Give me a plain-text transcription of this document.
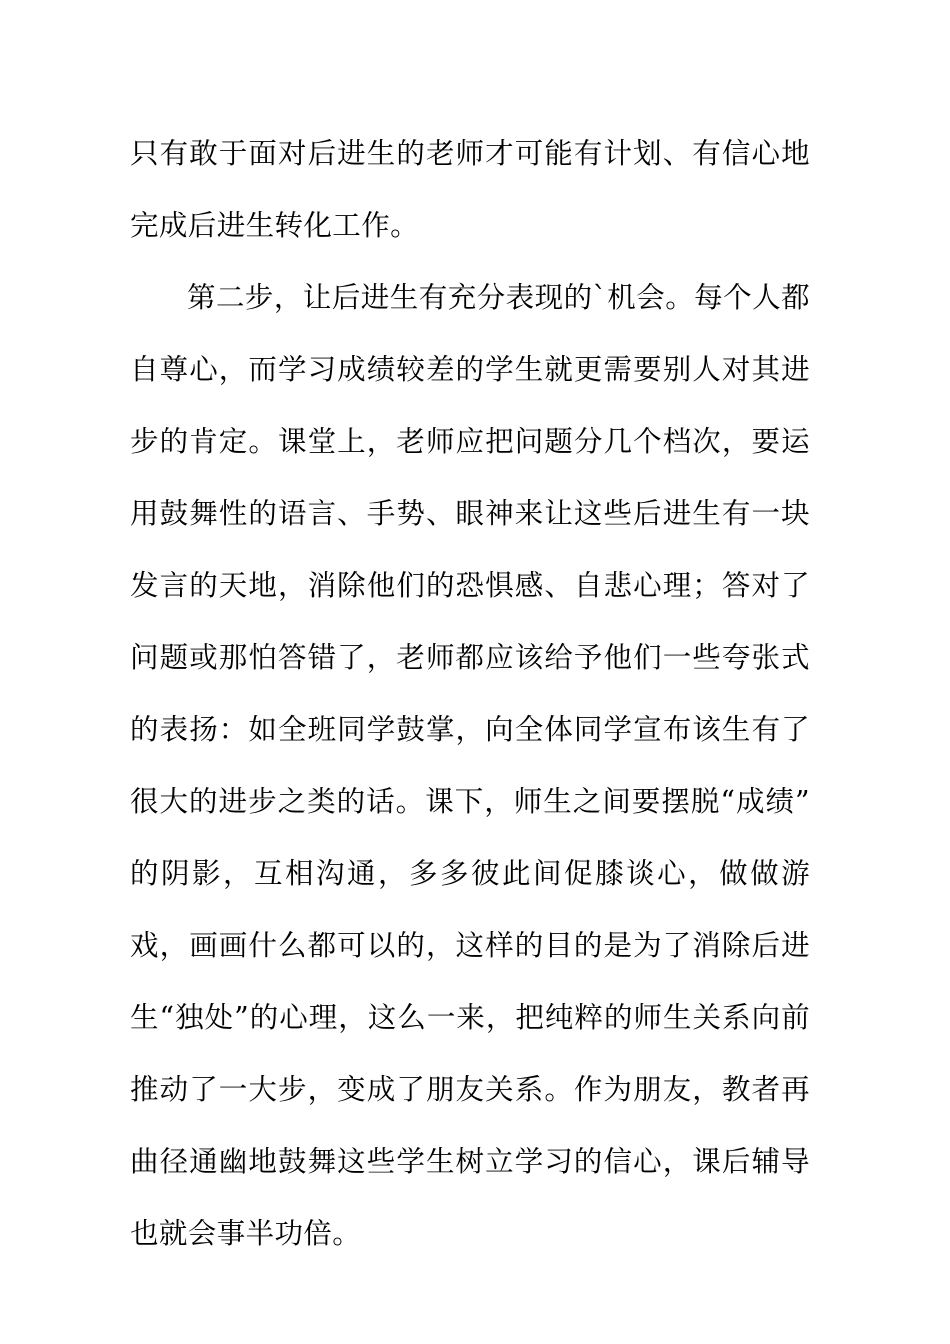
只有敢于面对后进生的老师才可能有计划、有信心地完成后进生转化工作。

第二步，让后进生有充分表现的`机会。每个人都自尊心，而学习成绩较差的学生就更需要别人对其进步的肯定。课堂上，老师应把问题分几个档次，要运用鼓舞性的语言、手势、眼神来让这些后进生有一块发言的天地，消除他们的恐惧感、自悲心理；答对了问题或那怕答错了，老师都应该给予他们一些夸张式的表扬：如全班同学鼓掌，向全体同学宣布该生有了很大的进步之类的话。课下，师生之间要摆脱“成绩”的阴影，互相沟通，多多彼此间促膝谈心，做做游戏，画画什么都可以的，这样的目的是为了消除后进生“独处”的心理，这么一来，把纯粹的师生关系向前推动了一大步，变成了朋友关系。作为朋友，教者再曲径通幽地鼓舞这些学生树立学习的信心，课后辅导也就会事半功倍。
